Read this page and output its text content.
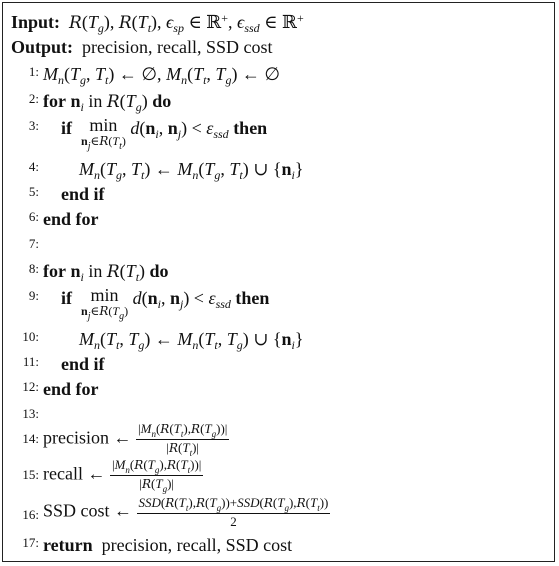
Input: $R(T_g)$, $R(T_t)$, $\epsilon_{sp}$ ∈ ℝ+, $\epsilon_{ssd}$ ∈ ℝ+
Output: precision, recall, SSD cost
1: $M_n(T_g$, $T_t$) ← ∅, $M_n(T_t$, $T_g$) ← ∅
2: for $n_i$ in $R(T_g)$ do
3: if min
$n_j\in R(T_t)$
$d(n_i$, $n_j) < \varepsilon_{ssd}$ then
4: $M_n(T_g$, $T_t$) ← $M_n(T_g$, $T_t$) ∪ $\{n_i\}$
5: end if
6: end for
7:
8: for $n_i$ in $R(T_t)$ do
9: if	min
$n_j\in R(T_g)$
$d(n_i$, $n_j) < \varepsilon_{ssd}$ then
10: $M_n(T_t$, $T_g$) ← $M_n(T_t$, $T_g$) ∪ $\{n_i\}$
11: end if
12: end for
13:
14: precision ← $\frac{|M_n(R(T_t),R(T_g))|}{|R(T_t)|}$
15: recall ← $\frac{|M_n(R(T_g),R(T_t))|}{|R(T_g)|}$
16: SSD cost ← $SSD(R(T_t),R(T_g))+SSD(R(T_g),R(T_t))$
2
17: return precision, recall, SSD cost
